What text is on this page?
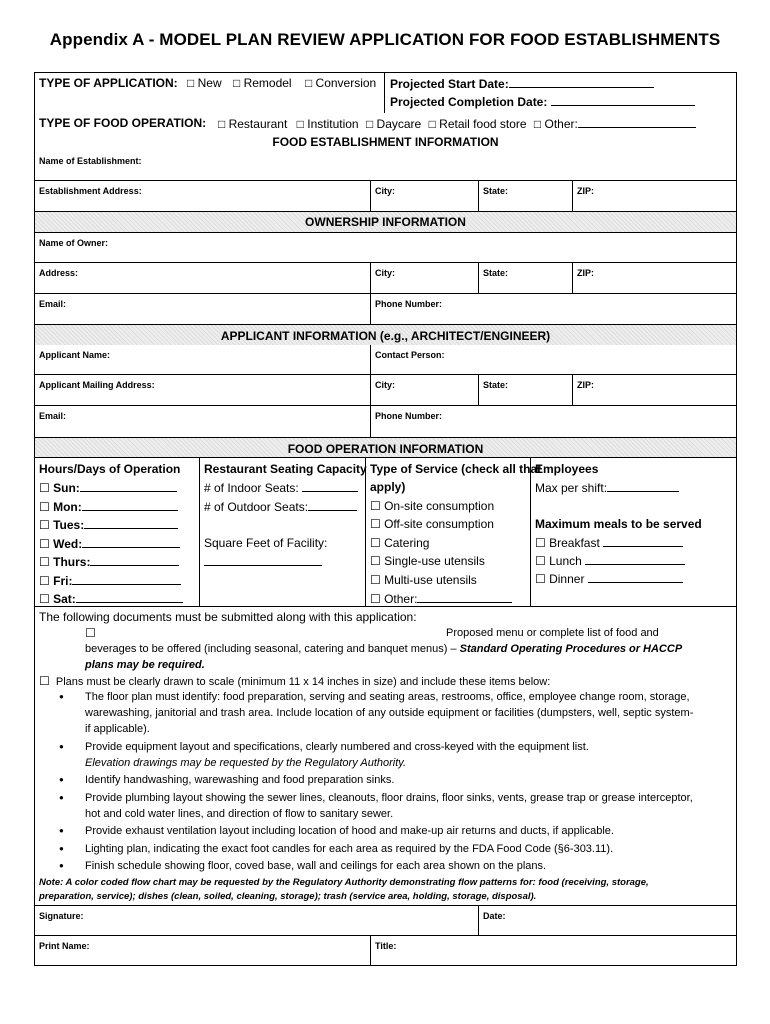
Appendix A - MODEL PLAN REVIEW APPLICATION FOR FOOD ESTABLISHMENTS
TYPE OF APPLICATION: □ New □ Remodel □ Conversion Projected Start Date:
Projected Completion Date:
TYPE OF FOOD OPERATION: □ Restaurant □ Institution □ Daycare □ Retail food store □ Other:
FOOD ESTABLISHMENT INFORMATION
Name of Establishment:
Establishment Address:	City:	State:	ZIP:
OWNERSHIP INFORMATION
Name of Owner:
Address:	City:	State:	ZIP:
Email:	Phone Number:
APPLICANT INFORMATION (e.g., ARCHITECT/ENGINEER)
Applicant Name:	Contact Person:
Applicant Mailing Address:	City:	State:	ZIP:
Email:	Phone Number:
FOOD OPERATION INFORMATION
Hours/Days of Operation
☐ Sun:
☐ Mon:
☐ Tues:
☐ Wed:
☐ Thurs:
☐ Fri:
☐ Sat:
Restaurant Seating Capacity
# of Indoor Seats:
# of Outdoor Seats:
Square Feet of Facility:
Type of Service (check all that
apply)
☐ On-site consumption
☐ Off-site consumption
☐ Catering
☐ Single-use utensils
☐ Multi-use utensils
☐ Other:
Employees
Max per shift:
Maximum meals to be served
☐ Breakfast
☐ Lunch
☐ Dinner
The following documents must be submitted along with this application:
☐	Proposed menu or complete list of food and
beverages to be offered (including seasonal, catering and banquet menus) – Standard Operating Procedures or HACCP
plans may be required.
☐ Plans must be clearly drawn to scale (minimum 11 x 14 inches in size) and include these items below:
● The floor plan must identify: food preparation, serving and seating areas, restrooms, office, employee change room, storage,
warewashing, janitorial and trash area. Include location of any outside equipment or facilities (dumpsters, well, septic system-
if applicable).
● Provide equipment layout and specifications, clearly numbered and cross-keyed with the equipment list.
Elevation drawings may be requested by the Regulatory Authority.
● Identify handwashing, warewashing and food preparation sinks.
● Provide plumbing layout showing the sewer lines, cleanouts, floor drains, floor sinks, vents, grease trap or grease interceptor,
hot and cold water lines, and direction of flow to sanitary sewer.
● Provide exhaust ventilation layout including location of hood and make-up air returns and ducts, if applicable.
● Lighting plan, indicating the exact foot candles for each area as required by the FDA Food Code (§6-303.11).
● Finish schedule showing floor, coved base, wall and ceilings for each area shown on the plans.
Note: A color coded flow chart may be requested by the Regulatory Authority demonstrating flow patterns for: food (receiving, storage,
preparation, service); dishes (clean, soiled, cleaning, storage); trash (service area, holding, storage, disposal).
Signature:	Date:
Print Name:	Title:
